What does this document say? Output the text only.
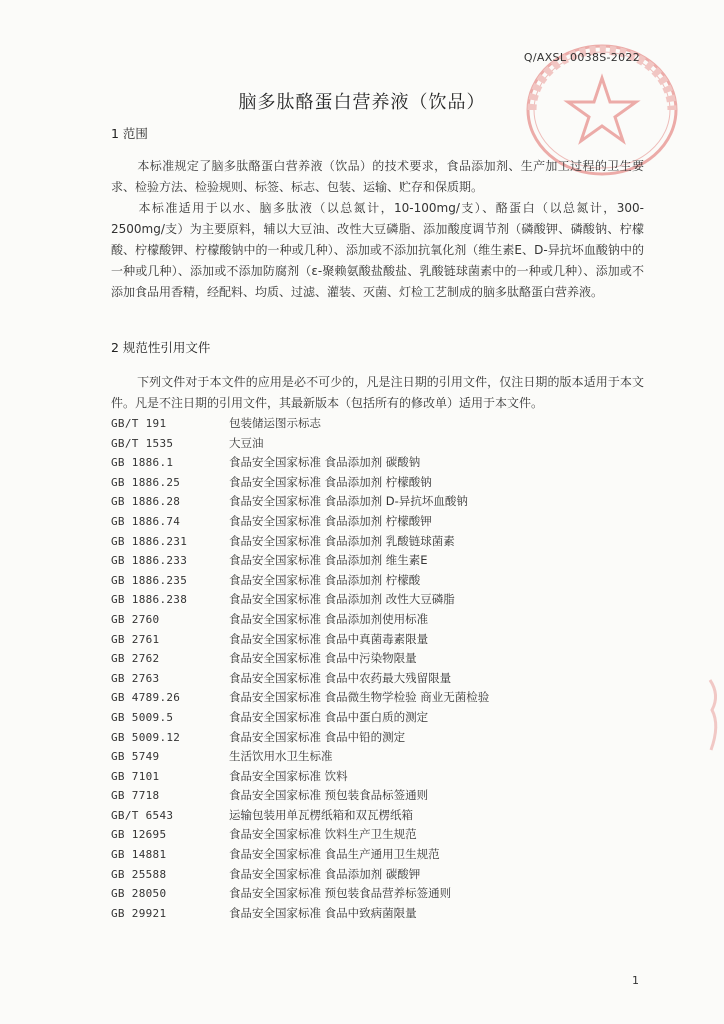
Q/AXSL 0038S-2022
脑多肽酪蛋白营养液（饮品）
1 范围

本标准规定了脑多肽酪蛋白营养液（饮品）的技术要求，食品添加剂、生产加工过程的卫生要求、检验方法、检验规则、标签、标志、包装、运输、贮存和保质期。

本标准适用于以水、脑多肽液（以总氮计，10-100mg/支）、酪蛋白（以总氮计，300-2500mg/支）为主要原料，辅以大豆油、改性大豆磷脂、添加酸度调节剂（磷酸钾、磷酸钠、柠檬酸、柠檬酸钾、柠檬酸钠中的一种或几种）、添加或不添加抗氧化剂（维生素E、D-异抗坏血酸钠中的一种或几种）、添加或不添加防腐剂（ε-聚赖氨酸盐酸盐、乳酸链球菌素中的一种或几种）、添加或不添加食品用香精，经配料、均质、过滤、灌装、灭菌、灯检工艺制成的脑多肽酪蛋白营养液。

2 规范性引用文件

下列文件对于本文件的应用是必不可少的，凡是注日期的引用文件，仅注日期的版本适用于本文件。凡是不注日期的引用文件，其最新版本（包括所有的修改单）适用于本文件。

GB/T 191	包装储运图示标志
GB/T 1535	大豆油
GB 1886.1	食品安全国家标准 食品添加剂 碳酸钠
GB 1886.25	食品安全国家标准 食品添加剂 柠檬酸钠
GB 1886.28	食品安全国家标准 食品添加剂 D-异抗坏血酸钠
GB 1886.74	食品安全国家标准 食品添加剂 柠檬酸钾
GB 1886.231	食品安全国家标准 食品添加剂 乳酸链球菌素
GB 1886.233	食品安全国家标准 食品添加剂 维生素E
GB 1886.235	食品安全国家标准 食品添加剂 柠檬酸
GB 1886.238	食品安全国家标准 食品添加剂 改性大豆磷脂
GB 2760	食品安全国家标准 食品添加剂使用标准
GB 2761	食品安全国家标准 食品中真菌毒素限量
GB 2762	食品安全国家标准 食品中污染物限量
GB 2763	食品安全国家标准 食品中农药最大残留限量
GB 4789.26	食品安全国家标准 食品微生物学检验 商业无菌检验
GB 5009.5	食品安全国家标准 食品中蛋白质的测定
GB 5009.12	食品安全国家标准 食品中铅的测定
GB 5749	生活饮用水卫生标准
GB 7101	食品安全国家标准 饮料
GB 7718	食品安全国家标准 预包装食品标签通则
GB/T 6543	运输包装用单瓦楞纸箱和双瓦楞纸箱
GB 12695	食品安全国家标准 饮料生产卫生规范
GB 14881	食品安全国家标准 食品生产通用卫生规范
GB 25588	食品安全国家标准 食品添加剂 碳酸钾
GB 28050	食品安全国家标准 预包装食品营养标签通则
GB 29921	食品安全国家标准 食品中致病菌限量
1
